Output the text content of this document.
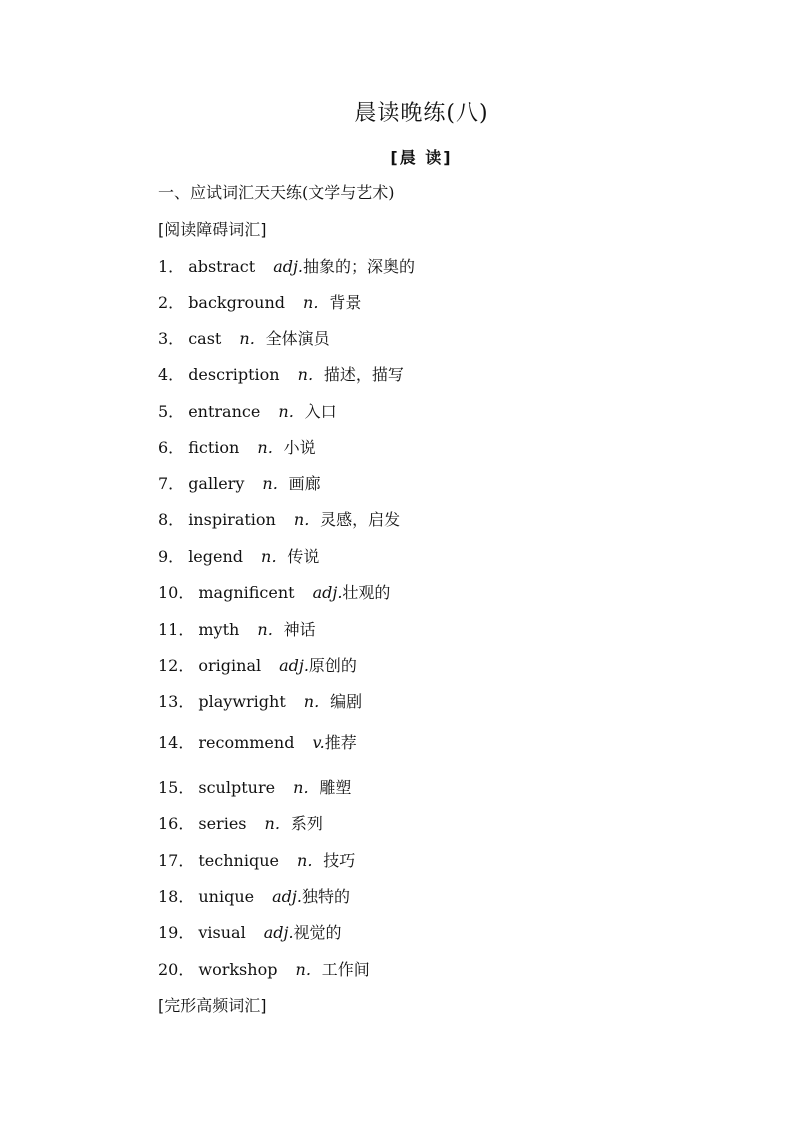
晨读晚练(八)
[晨 读]
一、应试词汇天天练(文学与艺术)
[阅读障碍词汇]
1． abstract adj.抽象的；深奥的
2． background n．背景
3． cast n．全体演员
4． description n．描述，描写
5． entrance n．入口
6． fiction n．小说
7． gallery n．画廊
8． inspiration n．灵感，启发
9． legend n．传说
10． magnificent adj.壮观的
11． myth n．神话
12． original adj.原创的
13． playwright n．编剧
14． recommend v.推荐
15． sculpture n．雕塑
16． series n．系列
17． technique n．技巧
18． unique adj.独特的
19． visual adj.视觉的
20． workshop n．工作间
[完形高频词汇]
